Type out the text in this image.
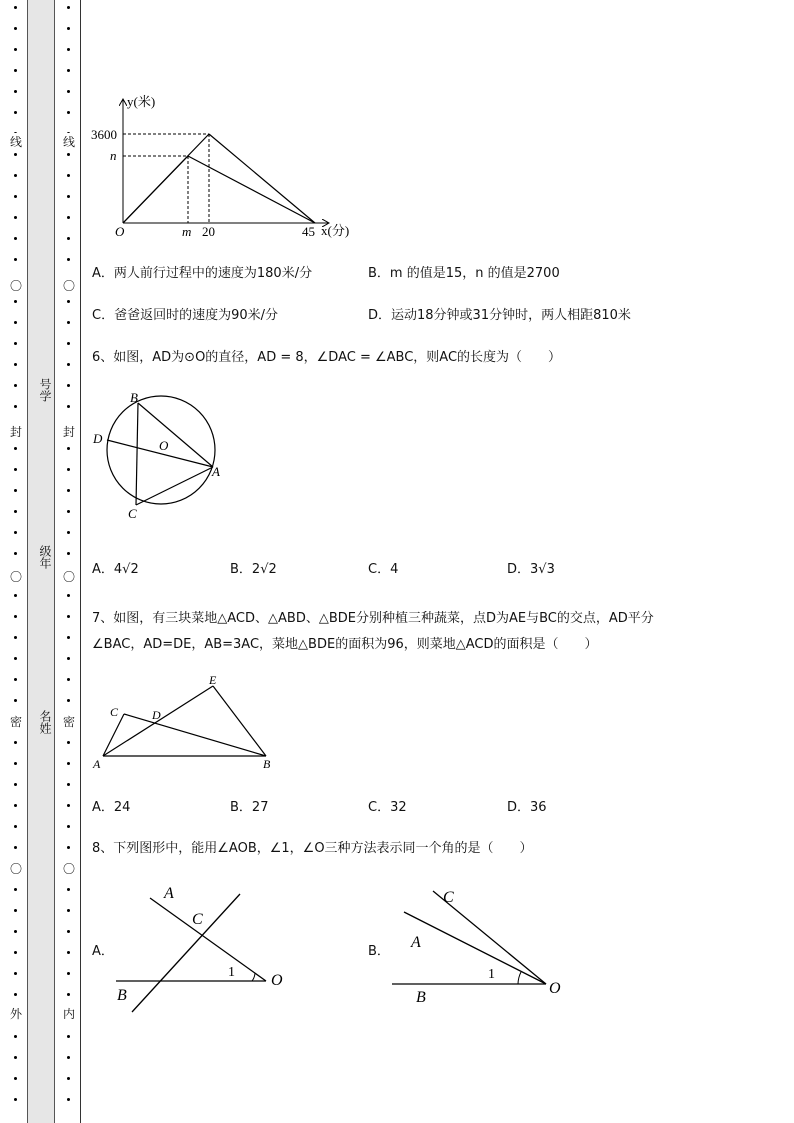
线
〇
封
〇
密
〇
外
线
〇
封
〇
密
〇
内
号学
级年
名姓
y(米)
x(分)
O
3600
n
m 20	45
A．两人前行过程中的速度为180米/分	B．m 的值是15，n 的值是2700
C．爸爸返回时的速度为90米/分	D．运动18分钟或31分钟时，两人相距810米
6、如图，AD为⊙O的直径，AD = 8，∠DAC = ∠ABC，则AC的长度为（　　）
B
D	O
A
C
A．4√2	B．2√2	C．4	D．3√3
7、如图，有三块菜地△ACD、△ABD、△BDE分别种植三种蔬菜，点D为AE与BC的交点，AD平分
∠BAC，AD=DE，AB=3AC，菜地△BDE的面积为96，则菜地△ACD的面积是（　　）
E
C	D
A	B
A．24	B．27	C．32	D．36
8、下列图形中，能用∠AOB，∠1，∠O三种方法表示同一个角的是（　　）
A．
A
C
B
O
1
B．
C
A
B
O
1
